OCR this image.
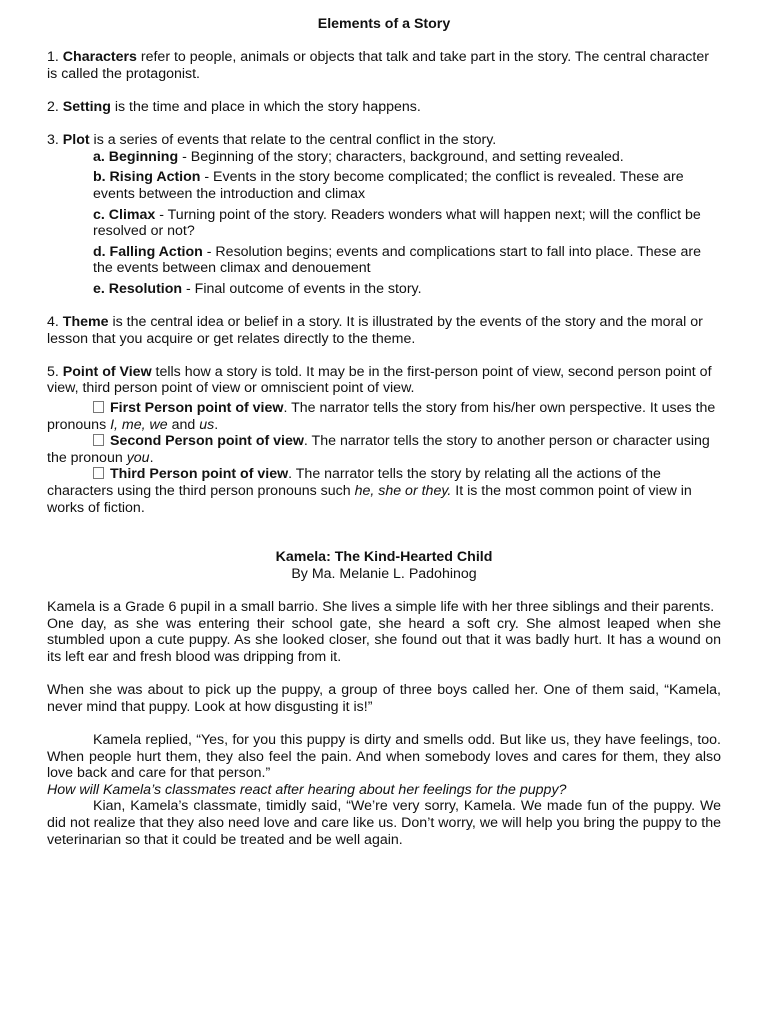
Elements of a Story

1. Characters refer to people, animals or objects that talk and take part in the story. The central character is called the protagonist.

2. Setting is the time and place in which the story happens.

3. Plot is a series of events that relate to the central conflict in the story.

a. Beginning - Beginning of the story; characters, background, and setting revealed.

b. Rising Action - Events in the story become complicated; the conflict is revealed. These are events between the introduction and climax

c. Climax - Turning point of the story. Readers wonders what will happen next; will the conflict be resolved or not?

d. Falling Action - Resolution begins; events and complications start to fall into place. These are the events between climax and denouement

e. Resolution - Final outcome of events in the story.

4. Theme is the central idea or belief in a story. It is illustrated by the events of the story and the moral or lesson that you acquire or get relates directly to the theme.

5. Point of View tells how a story is told. It may be in the first-person point of view, second person point of view, third person point of view or omniscient point of view.

First Person point of view. The narrator tells the story from his/her own perspective. It uses the pronouns I, me, we and us.

Second Person point of view. The narrator tells the story to another person or character using the pronoun you.

Third Person point of view. The narrator tells the story by relating all the actions of the characters using the third person pronouns such he, she or they. It is the most common point of view in works of fiction.

Kamela: The Kind-Hearted Child

By Ma. Melanie L. Padohinog

Kamela is a Grade 6 pupil in a small barrio. She lives a simple life with her three siblings and their parents.

One day, as she was entering their school gate, she heard a soft cry. She almost leaped when she stumbled upon a cute puppy. As she looked closer, she found out that it was badly hurt. It has a wound on its left ear and fresh blood was dripping from it.

When she was about to pick up the puppy, a group of three boys called her. One of them said, “Kamela, never mind that puppy. Look at how disgusting it is!”

Kamela replied, “Yes, for you this puppy is dirty and smells odd. But like us, they have feelings, too. When people hurt them, they also feel the pain. And when somebody loves and cares for them, they also love back and care for that person.”

How will Kamela’s classmates react after hearing about her feelings for the puppy?

Kian, Kamela’s classmate, timidly said, “We’re very sorry, Kamela. We made fun of the puppy. We did not realize that they also need love and care like us. Don’t worry, we will help you bring the puppy to the veterinarian so that it could be treated and be well again.
